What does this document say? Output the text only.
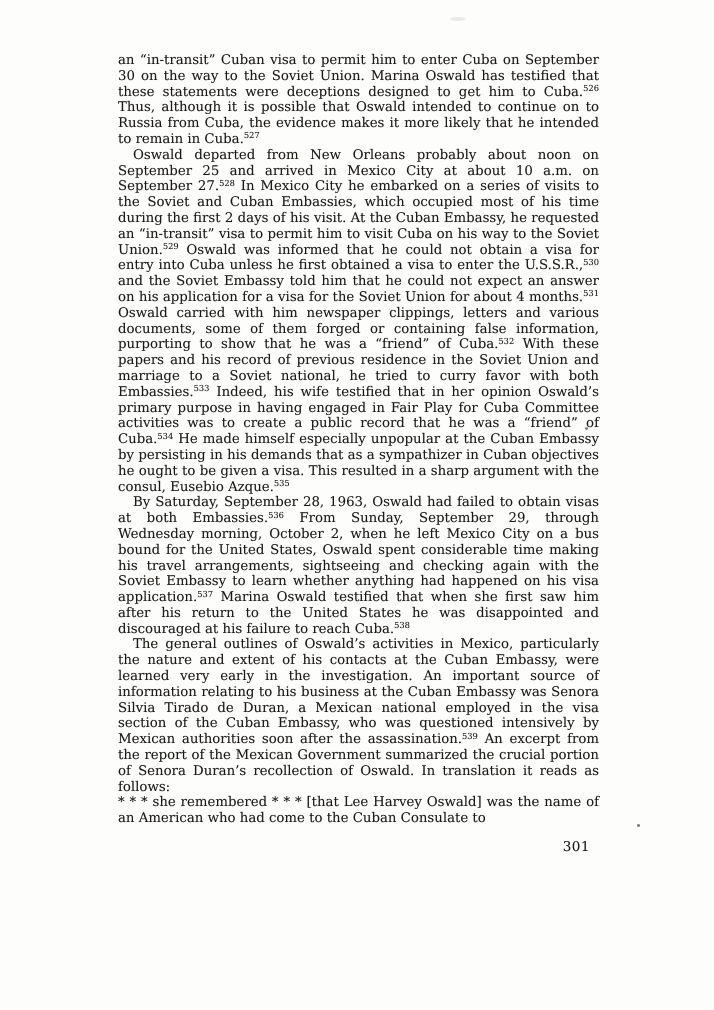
an “in-transit” Cuban visa to permit him to enter Cuba on September 30 on the way to the Soviet Union. Marina Oswald has testified that these statements were deceptions designed to get him to Cuba.$^{526}$ Thus, although it is possible that Oswald intended to continue on to Russia from Cuba, the evidence makes it more likely that he intended to remain in Cuba.$^{527}$

Oswald departed from New Orleans probably about noon on September 25 and arrived in Mexico City at about 10 a.m. on September 27.$^{528}$ In Mexico City he embarked on a series of visits to the Soviet and Cuban Embassies, which occupied most of his time during the first 2 days of his visit. At the Cuban Embassy, he requested an “in-transit” visa to permit him to visit Cuba on his way to the Soviet Union.$^{529}$ Oswald was informed that he could not obtain a visa for entry into Cuba unless he first obtained a visa to enter the U.S.S.R.,$^{530}$ and the Soviet Embassy told him that he could not expect an answer on his application for a visa for the Soviet Union for about 4 months.$^{531}$ Oswald carried with him newspaper clippings, letters and various documents, some of them forged or containing false information, purporting to show that he was a “friend” of Cuba.$^{532}$ With these papers and his record of previous residence in the Soviet Union and marriage to a Soviet national, he tried to curry favor with both Embassies.$^{533}$ Indeed, his wife testified that in her opinion Oswald’s primary purpose in having engaged in Fair Play for Cuba Committee activities was to create a public record that he was a “friend” of Cuba.$^{534}$ He made himself especially unpopular at the Cuban Embassy by persisting in his demands that as a sympathizer in Cuban objectives he ought to be given a visa. This resulted in a sharp argument with the consul, Eusebio Azque.$^{535}$

By Saturday, September 28, 1963, Oswald had failed to obtain visas at both Embassies.$^{536}$ From Sunday, September 29, through Wednesday morning, October 2, when he left Mexico City on a bus bound for the United States, Oswald spent considerable time making his travel arrangements, sightseeing and checking again with the Soviet Embassy to learn whether anything had happened on his visa application.$^{537}$ Marina Oswald testified that when she first saw him after his return to the United States he was disappointed and discouraged at his failure to reach Cuba.$^{538}$

The general outlines of Oswald’s activities in Mexico, particularly the nature and extent of his contacts at the Cuban Embassy, were learned very early in the investigation. An important source of information relating to his business at the Cuban Embassy was Senora Silvia Tirado de Duran, a Mexican national employed in the visa section of the Cuban Embassy, who was questioned intensively by Mexican authorities soon after the assassination.$^{539}$ An excerpt from the report of the Mexican Government summarized the crucial portion of Senora Duran’s recollection of Oswald. In translation it reads as follows:

* * * she remembered * * * [that Lee Harvey Oswald] was the name of an American who had come to the Cuban Consulate to

301
